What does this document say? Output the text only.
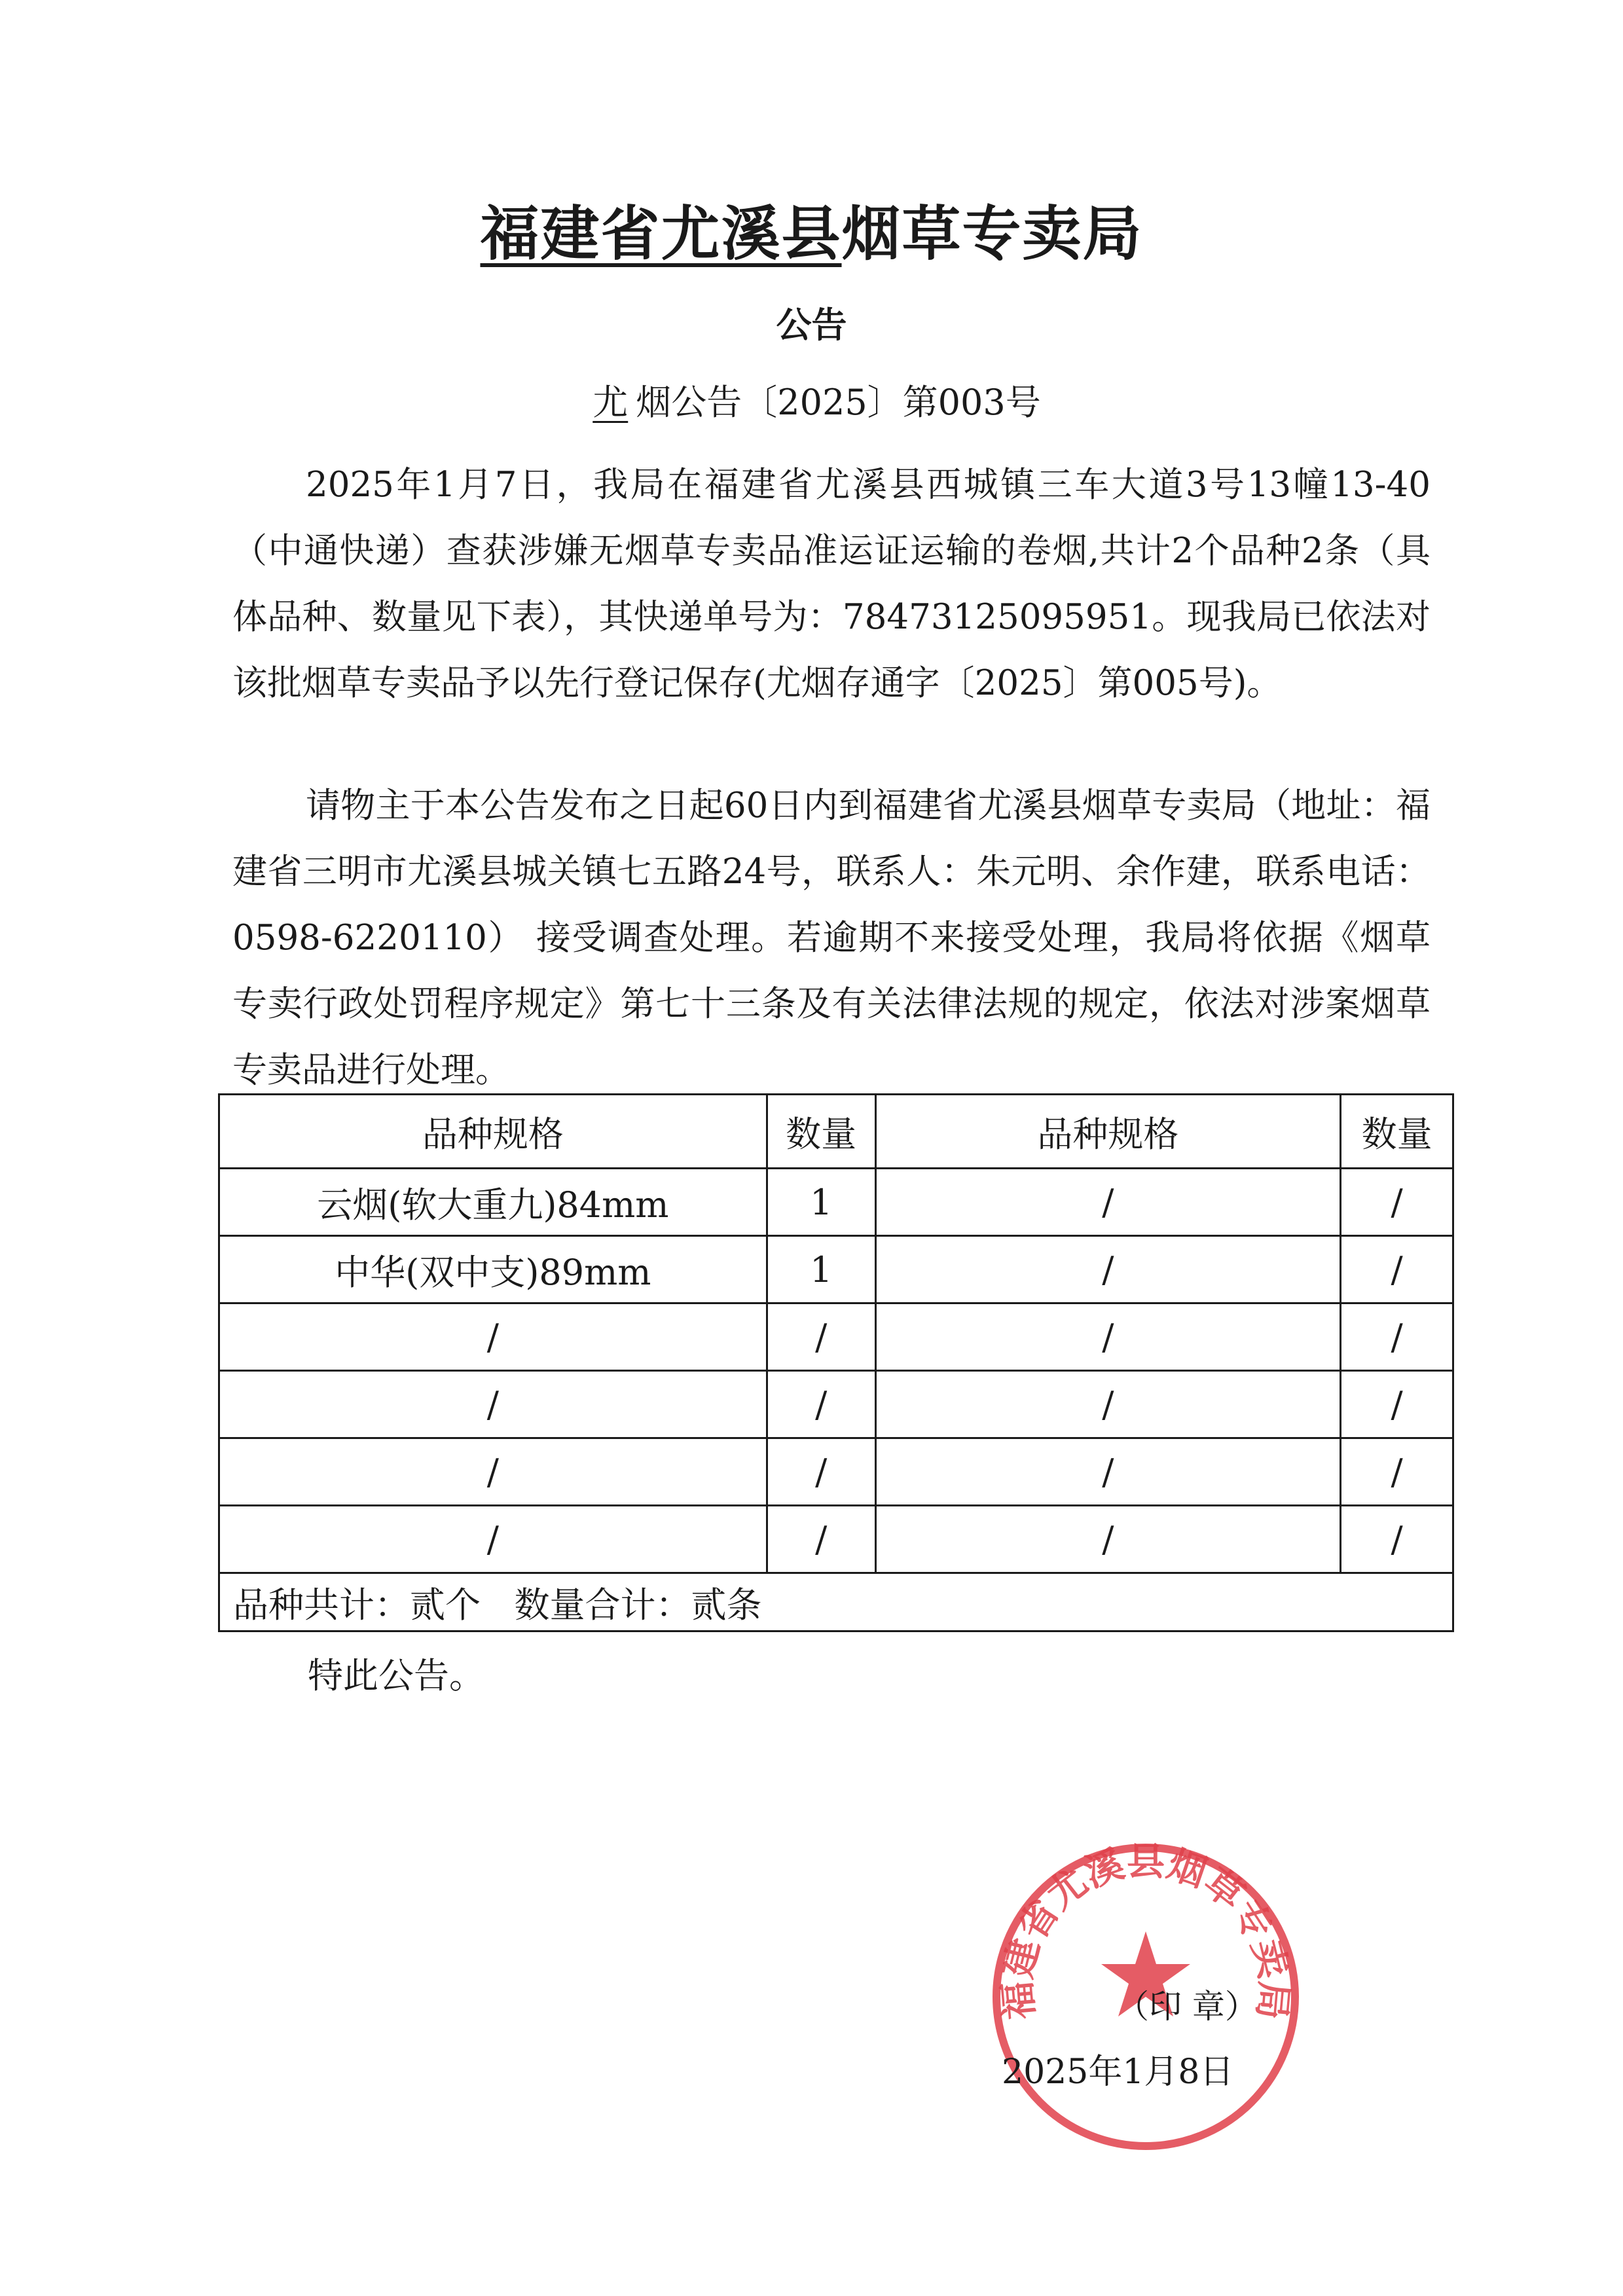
福建省尤溪县烟草专卖局
公告
尤 烟公告〔2025〕第003号

2025年1月7日，我局在福建省尤溪县西城镇三车大道3号13幢13-40（中通快递）查获涉嫌无烟草专卖品准运证运输的卷烟,共计2个品种2条（具体品种、数量见下表），其快递单号为：78473125095951。现我局已依法对该批烟草专卖品予以先行登记保存(尤烟存通字〔2025〕第005号)。

请物主于本公告发布之日起60日内到福建省尤溪县烟草专卖局（地址：福建省三明市尤溪县城关镇七五路24号，联系人：朱元明、余作建，联系电话：0598-6220110） 接受调查处理。若逾期不来接受处理，我局将依据《烟草专卖行政处罚程序规定》第七十三条及有关法律法规的规定，依法对涉案烟草专卖品进行处理。

品种规格	数量	品种规格	数量
云烟(软大重九)84mm	1	/	/
中华(双中支)89mm	1	/	/
/	/	/	/
/	/	/	/
/	/	/	/
/	/	/	/
品种共计：贰个   数量合计：贰条			
特此公告。
福建省尤溪县烟草专卖局
（印 章）
2025年1月8日
